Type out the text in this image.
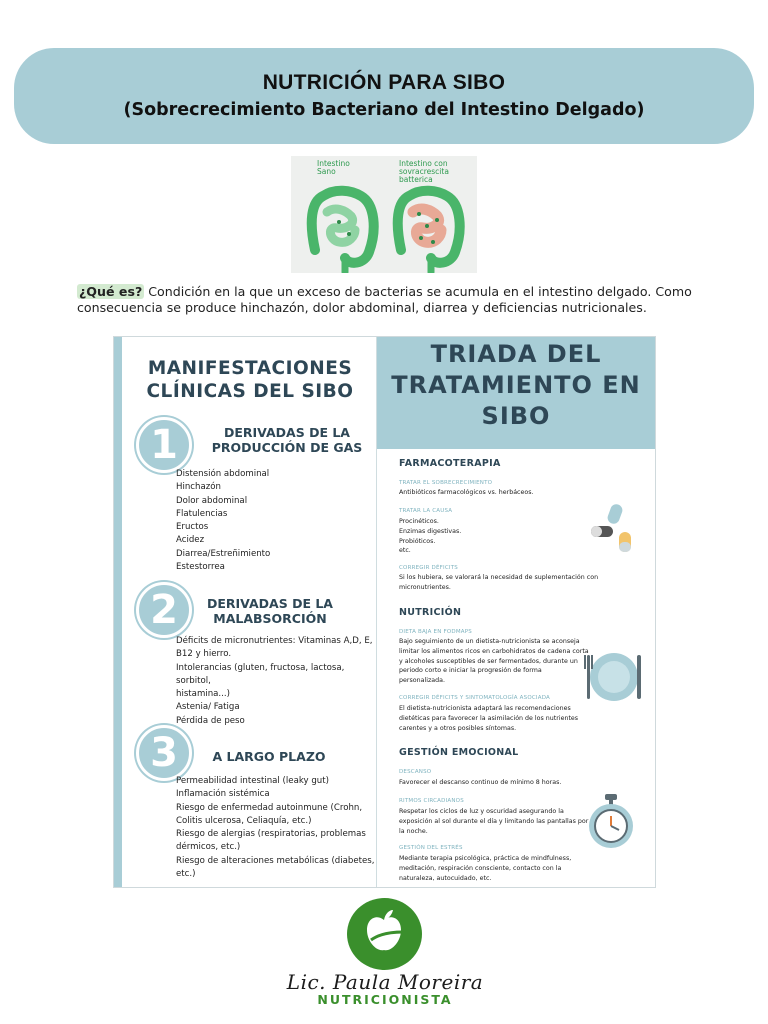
NUTRICIÓN PARA SIBO
(Sobrecrecimiento Bacteriano del Intestino Delgado)
Intestino
Sano
Intestino con
sovracrescita
batterica

¿Qué es? Condición en la que un exceso de bacterias se acumula en el intestino delgado. Como consecuencia se produce hinchazón, dolor abdominal, diarrea y deficiencias nutricionales.

MANIFESTACIONES
CLÍNICAS DEL SIBO
1	DERIVADAS DE LA
PRODUCCIÓN DE GAS
Distensión abdominal
Hinchazón
Dolor abdominal
Flatulencias
Eructos
Acidez
Diarrea/Estreñimiento
Estestorrea
2	DERIVADAS DE LA
MALABSORCIÓN
Déficits de micronutrientes: Vitaminas A,D, E,
B12 y hierro.
Intolerancias (gluten, fructosa, lactosa, sorbitol,
histamina...)
Astenia/ Fatiga
Pérdida de peso
3	A LARGO PLAZO
Permeabilidad intestinal (leaky gut)
Inflamación sistémica
Riesgo de enfermedad autoinmune (Crohn,
Colitis ulcerosa, Celiaquía, etc.)
Riesgo de alergias (respiratorias, problemas
dérmicos, etc.)
Riesgo de alteraciones metabólicas (diabetes,
etc.)
TRIADA DEL
TRATAMIENTO EN
SIBO
FARMACOTERAPIA
TRATAR EL SOBRECRECIMIENTO
Antibióticos farmacológicos vs. herbáceos.
TRATAR LA CAUSA
Procinéticos.
Enzimas digestivas.
Probióticos.
etc.
CORREGIR DÉFICITS
Si los hubiera, se valorará la necesidad de suplementación con micronutrientes.
NUTRICIÓN
DIETA BAJA EN FODMAPS
Bajo seguimiento de un dietista-nutricionista se aconseja
limitar los alimentos ricos en carbohidratos de cadena corta
y alcoholes susceptibles de ser fermentados, durante un
periodo corto e iniciar la progresión de forma
personalizada.
CORREGIR DÉFICITS Y SINTOMATOLOGÍA ASOCIADA
El dietista-nutricionista adaptará las recomendaciones
dietéticas para favorecer la asimilación de los nutrientes
carentes y a otros posibles síntomas.
GESTIÓN EMOCIONAL
DESCANSO
Favorecer el descanso continuo de mínimo 8 horas.
RITMOS CIRCADIANOS
Respetar los ciclos de luz y oscuridad asegurando la
exposición al sol durante el día y limitando las pantallas por
la noche.
GESTIÓN DEL ESTRÉS
Mediante terapia psicológica, práctica de mindfulness,
meditación, respiración consciente, contacto con la
naturaleza, autocuidado, etc.
Lic. Paula Moreira
NUTRICIONISTA
